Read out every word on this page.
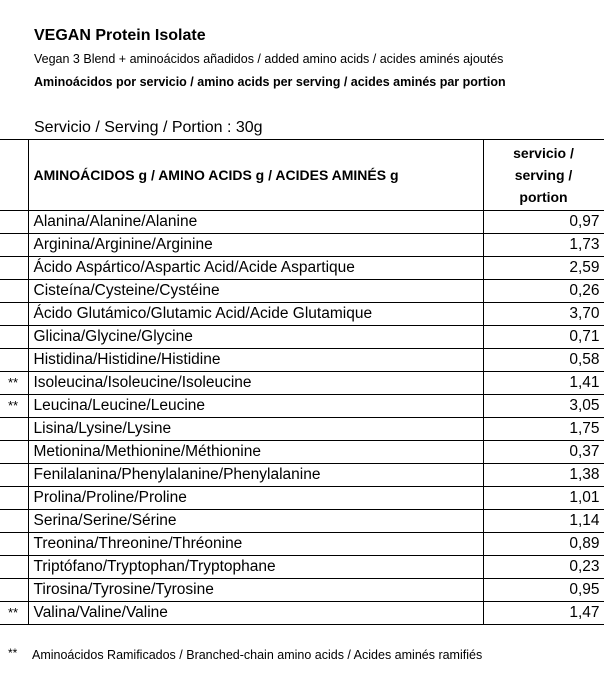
VEGAN Protein Isolate
Vegan 3 Blend + aminoácidos añadidos / added amino acids / acides aminés ajoutés
Aminoácidos por servicio / amino acids per serving / acides aminés par portion
Servicio / Serving / Portion : 30g
	AMINOÁCIDOS g / AMINO ACIDS g / ACIDES AMINÉS g	servicio /
serving /
portion

	Alanina/Alanine/Alanine	0,97
	Arginina/Arginine/Arginine	1,73
	Ácido Aspártico/Aspartic Acid/Acide Aspartique	2,59
	Cisteína/Cysteine/Cystéine	0,26
	Ácido Glutámico/Glutamic Acid/Acide Glutamique	3,70
	Glicina/Glycine/Glycine	0,71
	Histidina/Histidine/Histidine	0,58
**	Isoleucina/Isoleucine/Isoleucine	1,41
**	Leucina/Leucine/Leucine	3,05
	Lisina/Lysine/Lysine	1,75
	Metionina/Methionine/Méthionine	0,37
	Fenilalanina/Phenylalanine/Phenylalanine	1,38
	Prolina/Proline/Proline	1,01
	Serina/Serine/Sérine	1,14
	Treonina/Threonine/Thréonine	0,89
	Triptófano/Tryptophan/Tryptophane	0,23
	Tirosina/Tyrosine/Tyrosine	0,95
**	Valina/Valine/Valine	1,47
** Aminoácidos Ramificados / Branched-chain amino acids / Acides aminés ramifiés
